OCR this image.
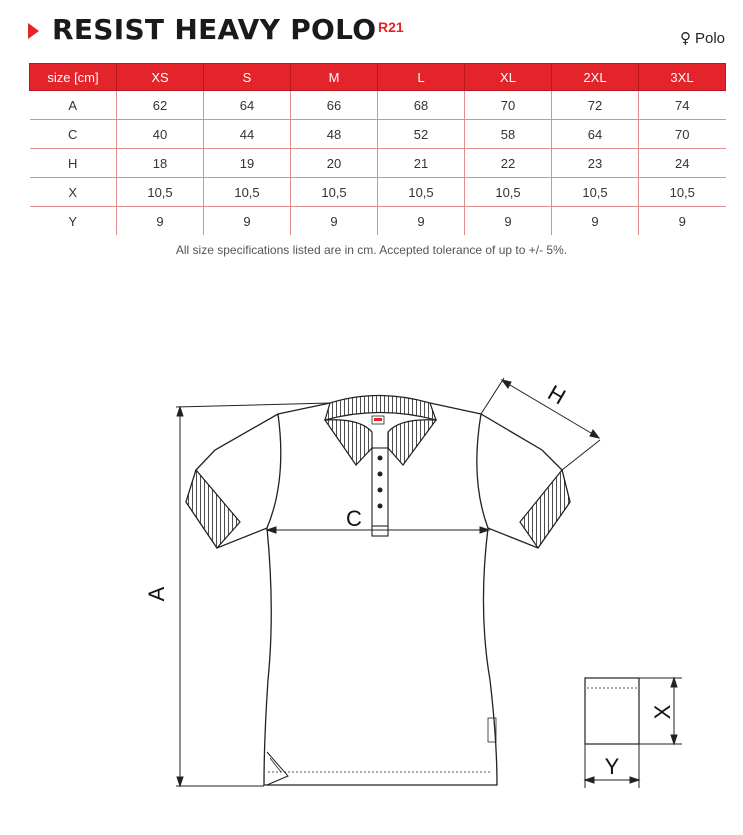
RESIST HEAVY POLO R21
♀ Polo
size [cm]	XS	S	M	L	XL	2XL	3XL
A	62	64	66	68	70	72	74
C	40	44	48	52	58	64	70
H	18	19	20	21	22	23	24
X	10,5	10,5	10,5	10,5	10,5	10,5	10,5
Y	9	9	9	9	9	9	9
All size specifications listed are in cm. Accepted tolerance of up to +/- 5%.
A
C
H
X
Y
